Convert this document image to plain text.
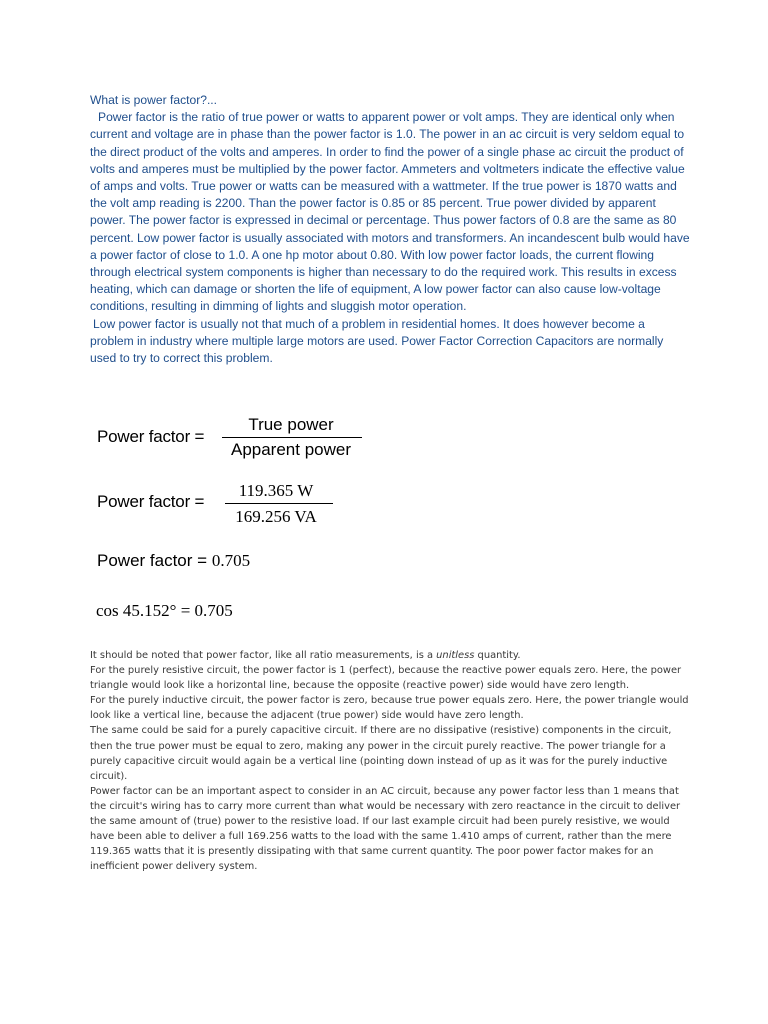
What is power factor?...

Power factor is the ratio of true power or watts to apparent power or volt amps. They are identical only when current and voltage are in phase than the power factor is 1.0. The power in an ac circuit is very seldom equal to the direct product of the volts and amperes. In order to find the power of a single phase ac circuit the product of volts and amperes must be multiplied by the power factor. Ammeters and voltmeters indicate the effective value of amps and volts. True power or watts can be measured with a wattmeter. If the true power is 1870 watts and the volt amp reading is 2200. Than the power factor is 0.85 or 85 percent. True power divided by apparent power. The power factor is expressed in decimal or percentage. Thus power factors of 0.8 are the same as 80 percent. Low power factor is usually associated with motors and transformers. An incandescent bulb would have a power factor of close to 1.0. A one hp motor about 0.80. With low power factor loads, the current flowing through electrical system components is higher than necessary to do the required work. This results in excess heating, which can damage or shorten the life of equipment, A low power factor can also cause low-voltage conditions, resulting in dimming of lights and sluggish motor operation.

Low power factor is usually not that much of a problem in residential homes. It does however become a problem in industry where multiple large motors are used. Power Factor Correction Capacitors are normally used to try to correct this problem.

Power factor =
True power
Apparent power
Power factor =
119.365 W
169.256 VA
Power factor = 0.705
cos 45.152° = 0.705

It should be noted that power factor, like all ratio measurements, is a unitless quantity.

For the purely resistive circuit, the power factor is 1 (perfect), because the reactive power equals zero. Here, the power triangle would look like a horizontal line, because the opposite (reactive power) side would have zero length.

For the purely inductive circuit, the power factor is zero, because true power equals zero. Here, the power triangle would look like a vertical line, because the adjacent (true power) side would have zero length.

The same could be said for a purely capacitive circuit. If there are no dissipative (resistive) components in the circuit, then the true power must be equal to zero, making any power in the circuit purely reactive. The power triangle for a purely capacitive circuit would again be a vertical line (pointing down instead of up as it was for the purely inductive circuit).

Power factor can be an important aspect to consider in an AC circuit, because any power factor less than 1 means that the circuit's wiring has to carry more current than what would be necessary with zero reactance in the circuit to deliver the same amount of (true) power to the resistive load. If our last example circuit had been purely resistive, we would have been able to deliver a full 169.256 watts to the load with the same 1.410 amps of current, rather than the mere 119.365 watts that it is presently dissipating with that same current quantity. The poor power factor makes for an inefficient power delivery system.
